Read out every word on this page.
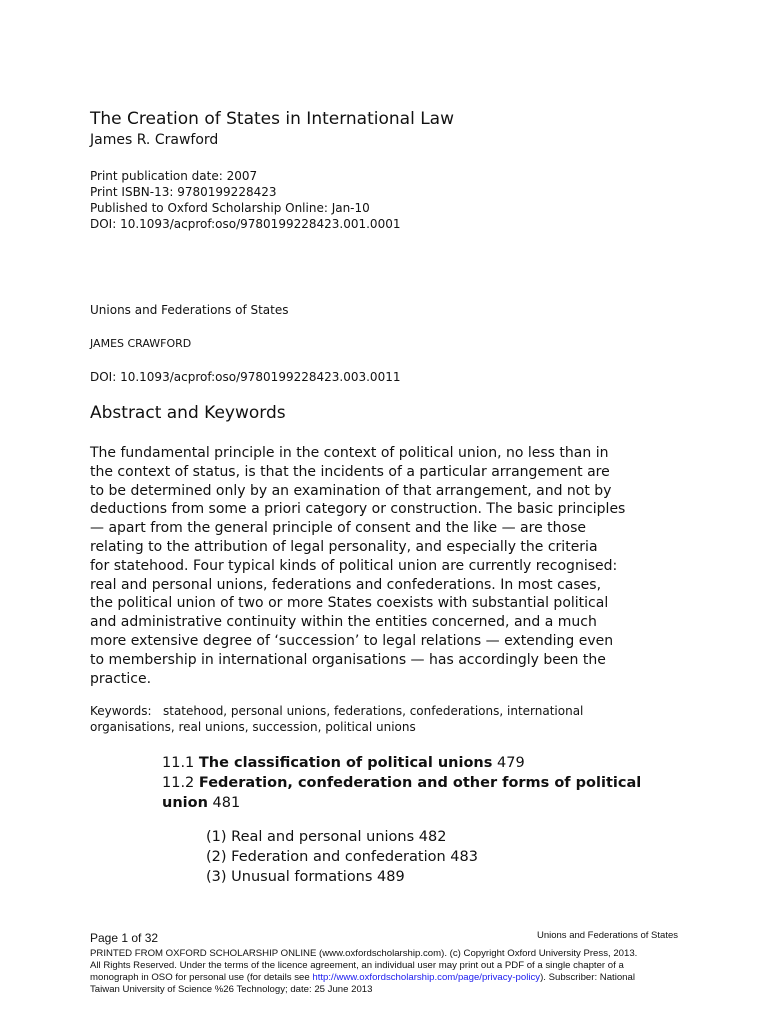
The Creation of States in International Law
James R. Crawford
Print publication date: 2007
Print ISBN-13: 9780199228423
Published to Oxford Scholarship Online: Jan-10
DOI: 10.1093/acprof:oso/9780199228423.001.0001
Unions and Federations of States
JAMES CRAWFORD
DOI: 10.1093/acprof:oso/9780199228423.003.0011
Abstract and Keywords
The fundamental principle in the context of political union, no less than in
the context of status, is that the incidents of a particular arrangement are
to be determined only by an examination of that arrangement, and not by
deductions from some a priori category or construction. The basic principles
— apart from the general principle of consent and the like — are those
relating to the attribution of legal personality, and especially the criteria
for statehood. Four typical kinds of political union are currently recognised:
real and personal unions, federations and confederations. In most cases,
the political union of two or more States coexists with substantial political
and administrative continuity within the entities concerned, and a much
more extensive degree of ‘succession’ to legal relations — extending even
to membership in international organisations — has accordingly been the
practice.
Keywords: statehood, personal unions, federations, confederations, international
organisations, real unions, succession, political unions
11.1 The classification of political unions 479
11.2 Federation, confederation and other forms of political
union 481
(1) Real and personal unions 482
(2) Federation and confederation 483
(3) Unusual formations 489
Page 1 of 32	Unions and Federations of States
PRINTED FROM OXFORD SCHOLARSHIP ONLINE (www.oxfordscholarship.com). (c) Copyright Oxford University Press, 2013.
All Rights Reserved. Under the terms of the licence agreement, an individual user may print out a PDF of a single chapter of a
monograph in OSO for personal use (for details see http://www.oxfordscholarship.com/page/privacy-policy). Subscriber: National
Taiwan University of Science %26 Technology; date: 25 June 2013
